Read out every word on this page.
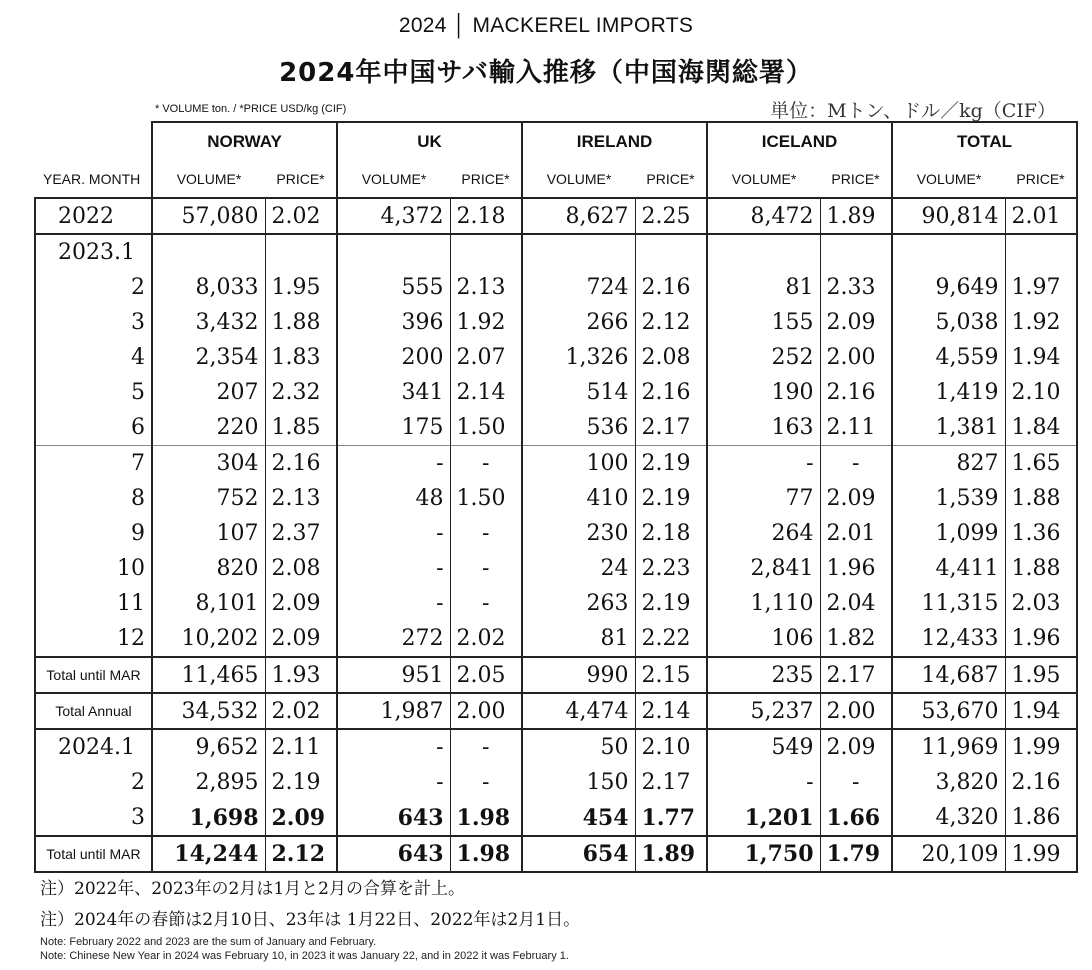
2024 │ MACKEREL IMPORTS
2024年中国サバ輸入推移（中国海関総署）
* VOLUME ton. / *PRICE USD/kg (CIF)	単位：Mトン、ドル／kg（CIF）
	NORWAY		UK		IRELAND		ICELAND		TOTAL	
YEAR. MONTH	VOLUME*	PRICE*	VOLUME*	PRICE*	VOLUME*	PRICE*	VOLUME*	PRICE*	VOLUME*	PRICE*
2022	57,080	2.02	4,372	2.18	8,627	2.25	8,472	1.89	90,814	2.01
2023.1										
2	8,033	1.95	555	2.13	724	2.16	81	2.33	9,649	1.97
3	3,432	1.88	396	1.92	266	2.12	155	2.09	5,038	1.92
4	2,354	1.83	200	2.07	1,326	2.08	252	2.00	4,559	1.94
5	207	2.32	341	2.14	514	2.16	190	2.16	1,419	2.10
6	220	1.85	175	1.50	536	2.17	163	2.11	1,381	1.84
7	304	2.16	-	-	100	2.19	-	-	827	1.65
8	752	2.13	48	1.50	410	2.19	77	2.09	1,539	1.88
9	107	2.37	-	-	230	2.18	264	2.01	1,099	1.36
10	820	2.08	-	-	24	2.23	2,841	1.96	4,411	1.88
11	8,101	2.09	-	-	263	2.19	1,110	2.04	11,315	2.03
12	10,202	2.09	272	2.02	81	2.22	106	1.82	12,433	1.96
Total until MAR	11,465	1.93	951	2.05	990	2.15	235	2.17	14,687	1.95
Total Annual	34,532	2.02	1,987	2.00	4,474	2.14	5,237	2.00	53,670	1.94
2024.1	9,652	2.11	-	-	50	2.10	549	2.09	11,969	1.99
2	2,895	2.19	-	-	150	2.17	-	-	3,820	2.16
3	1,698	2.09	643	1.98	454	1.77	1,201	1.66	4,320	1.86
Total until MAR	14,244	2.12	643	1.98	654	1.89	1,750	1.79	20,109	1.99
注）2022年、2023年の2月は1月と2月の合算を計上。
注）2024年の春節は2月10日、23年は 1月22日、2022年は2月1日。
Note: February 2022 and 2023 are the sum of January and February.
Note: Chinese New Year in 2024 was February 10, in 2023 it was January 22, and in 2022 it was February 1.
